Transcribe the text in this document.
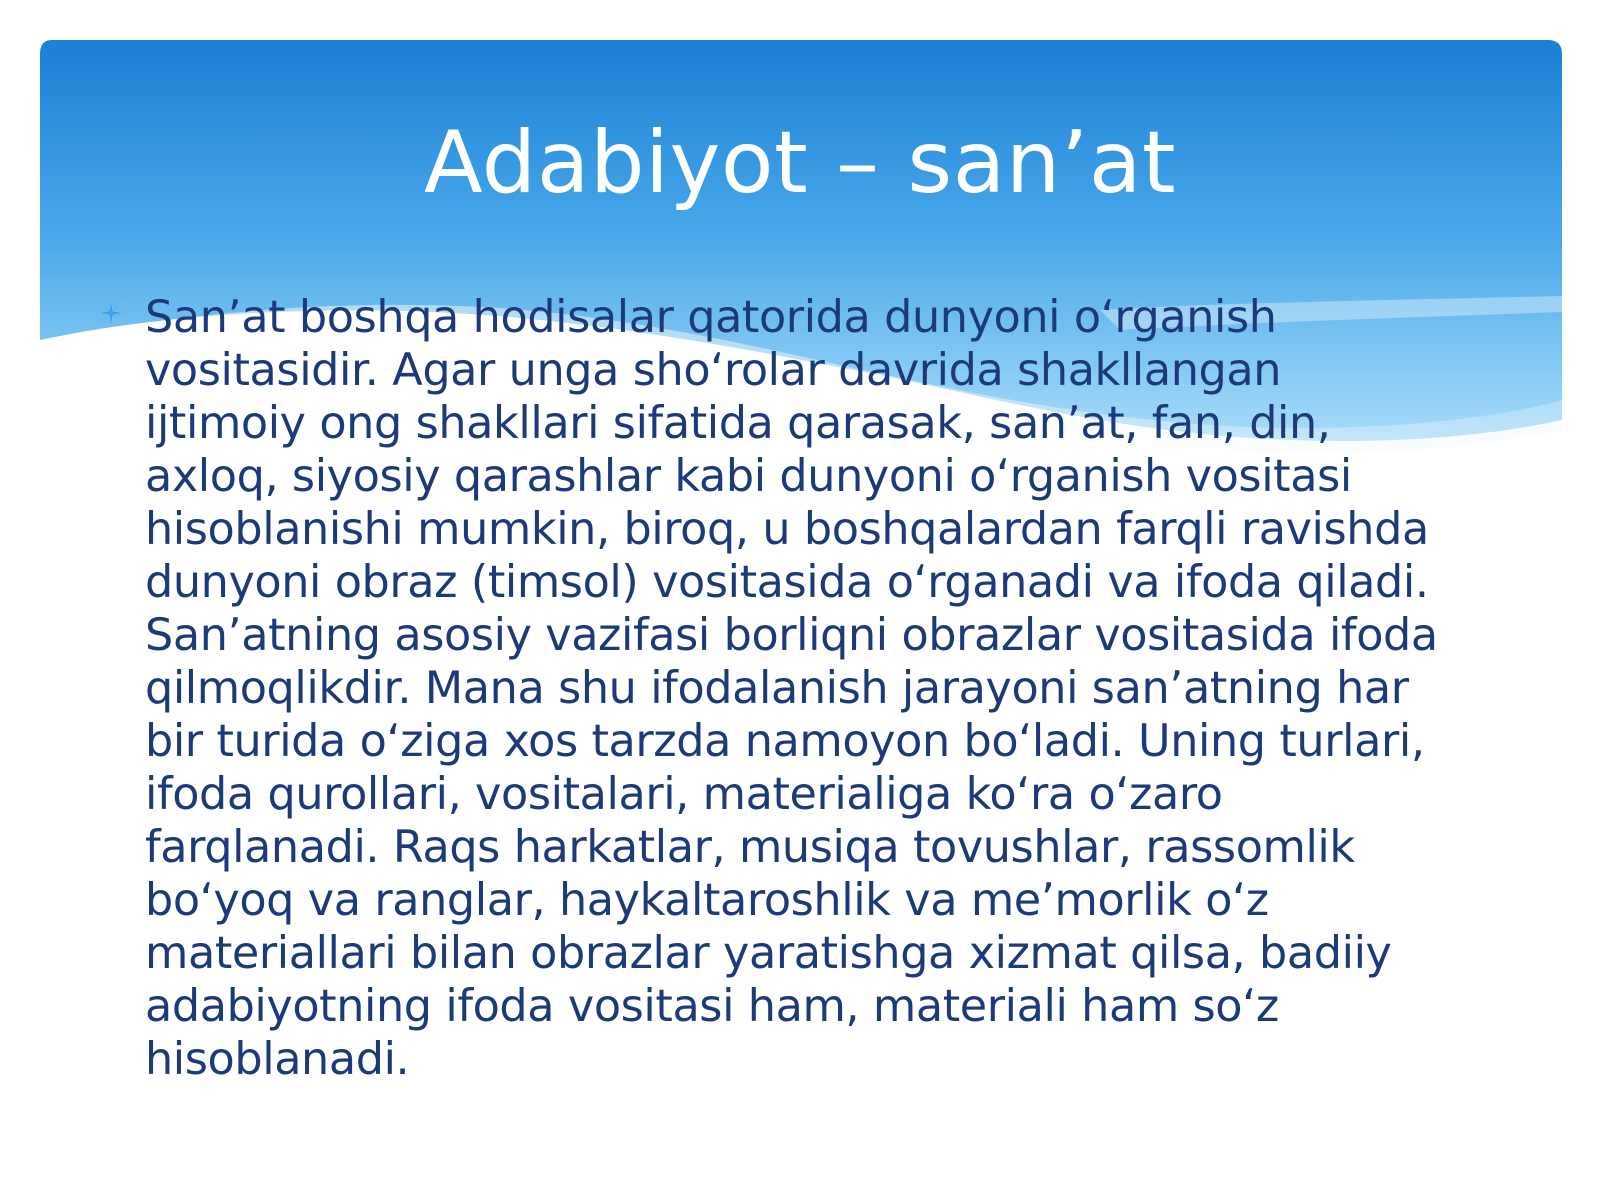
Adabiyot – san’at

San’at boshqa hodisalar qatorida dunyoni o‘rganish
vositasidir. Agar unga sho‘rolar davrida shakllangan
ijtimoiy ong shakllari sifatida qarasak, san’at, fan, din,
axloq, siyosiy qarashlar kabi dunyoni o‘rganish vositasi
hisoblanishi mumkin, biroq, u boshqalardan farqli ravishda
dunyoni obraz (timsol) vositasida o‘rganadi va ifoda qiladi.
San’atning asosiy vazifasi borliqni obrazlar vositasida ifoda
qilmoqlikdir. Mana shu ifodalanish jarayoni san’atning har
bir turida o‘ziga xos tarzda namoyon bo‘ladi. Uning turlari,
ifoda qurollari, vositalari, materialiga ko‘ra o‘zaro
farqlanadi. Raqs harkatlar, musiqa tovushlar, rassomlik
bo‘yoq va ranglar, haykaltaroshlik va me’morlik o‘z
materiallari bilan obrazlar yaratishga xizmat qilsa, badiiy
adabiyotning ifoda vositasi ham, materiali ham so‘z
hisoblanadi.
